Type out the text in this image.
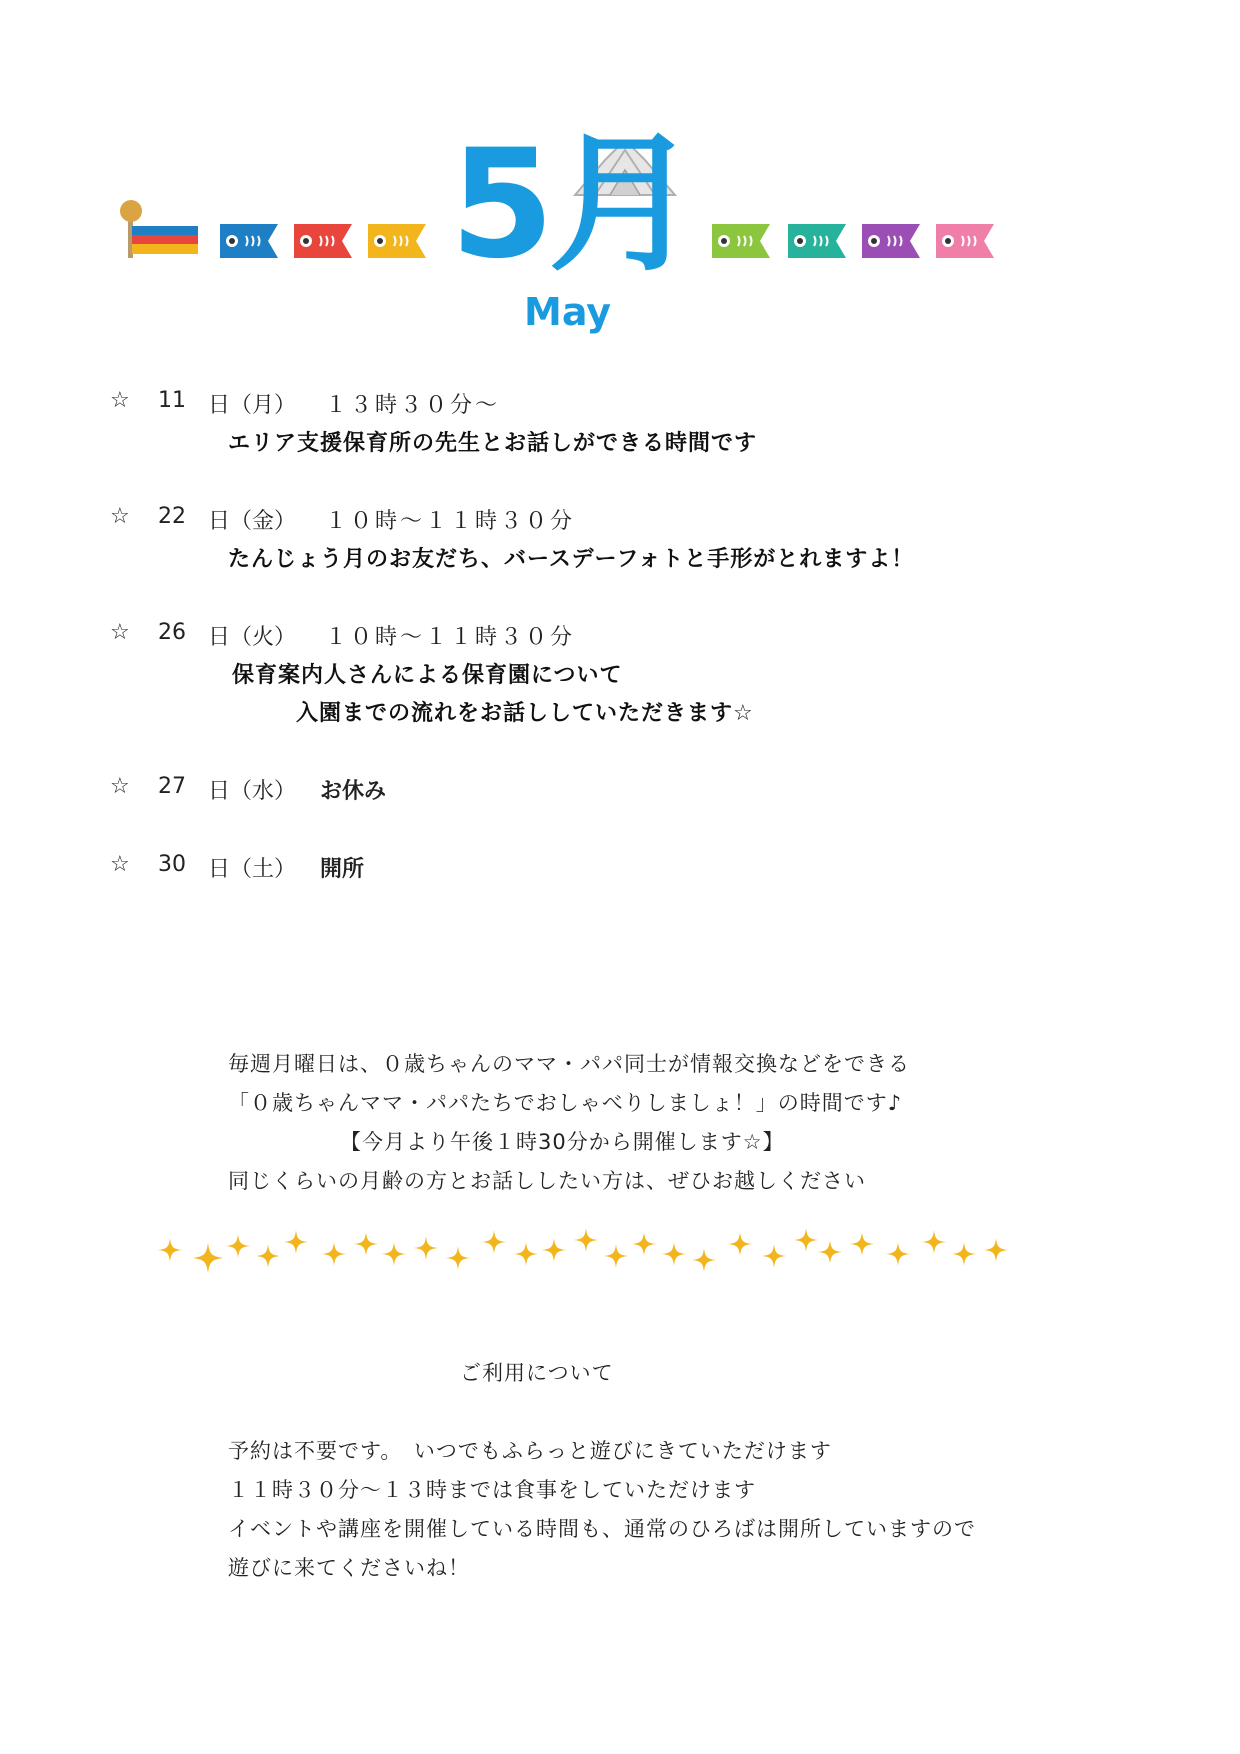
5月
May
☆ 11 日（月） １３時３０分〜
エリア支援保育所の先生とお話しができる時間です
☆ 22 日（金） １０時〜１１時３０分
たんじょう月のお友だち、バースデーフォトと手形がとれますよ！
☆ 26 日（火） １０時〜１１時３０分
保育案内人さんによる保育園について
入園までの流れをお話ししていただきます☆
☆ 27 日（水） お休み
☆ 30 日（土） 開所
毎週月曜日は、０歳ちゃんのママ・パパ同士が情報交換などをできる
「０歳ちゃんママ・パパたちでおしゃべりしましょ！」の時間です♪
【今月より午後１時30分から開催します☆】
同じくらいの月齢の方とお話ししたい方は、ぜひお越しください
ご利用について
予約は不要です。　いつでもふらっと遊びにきていただけます
１１時３０分〜１３時までは食事をしていただけます
イベントや講座を開催している時間も、通常のひろばは開所していますので
遊びに来てくださいね！
